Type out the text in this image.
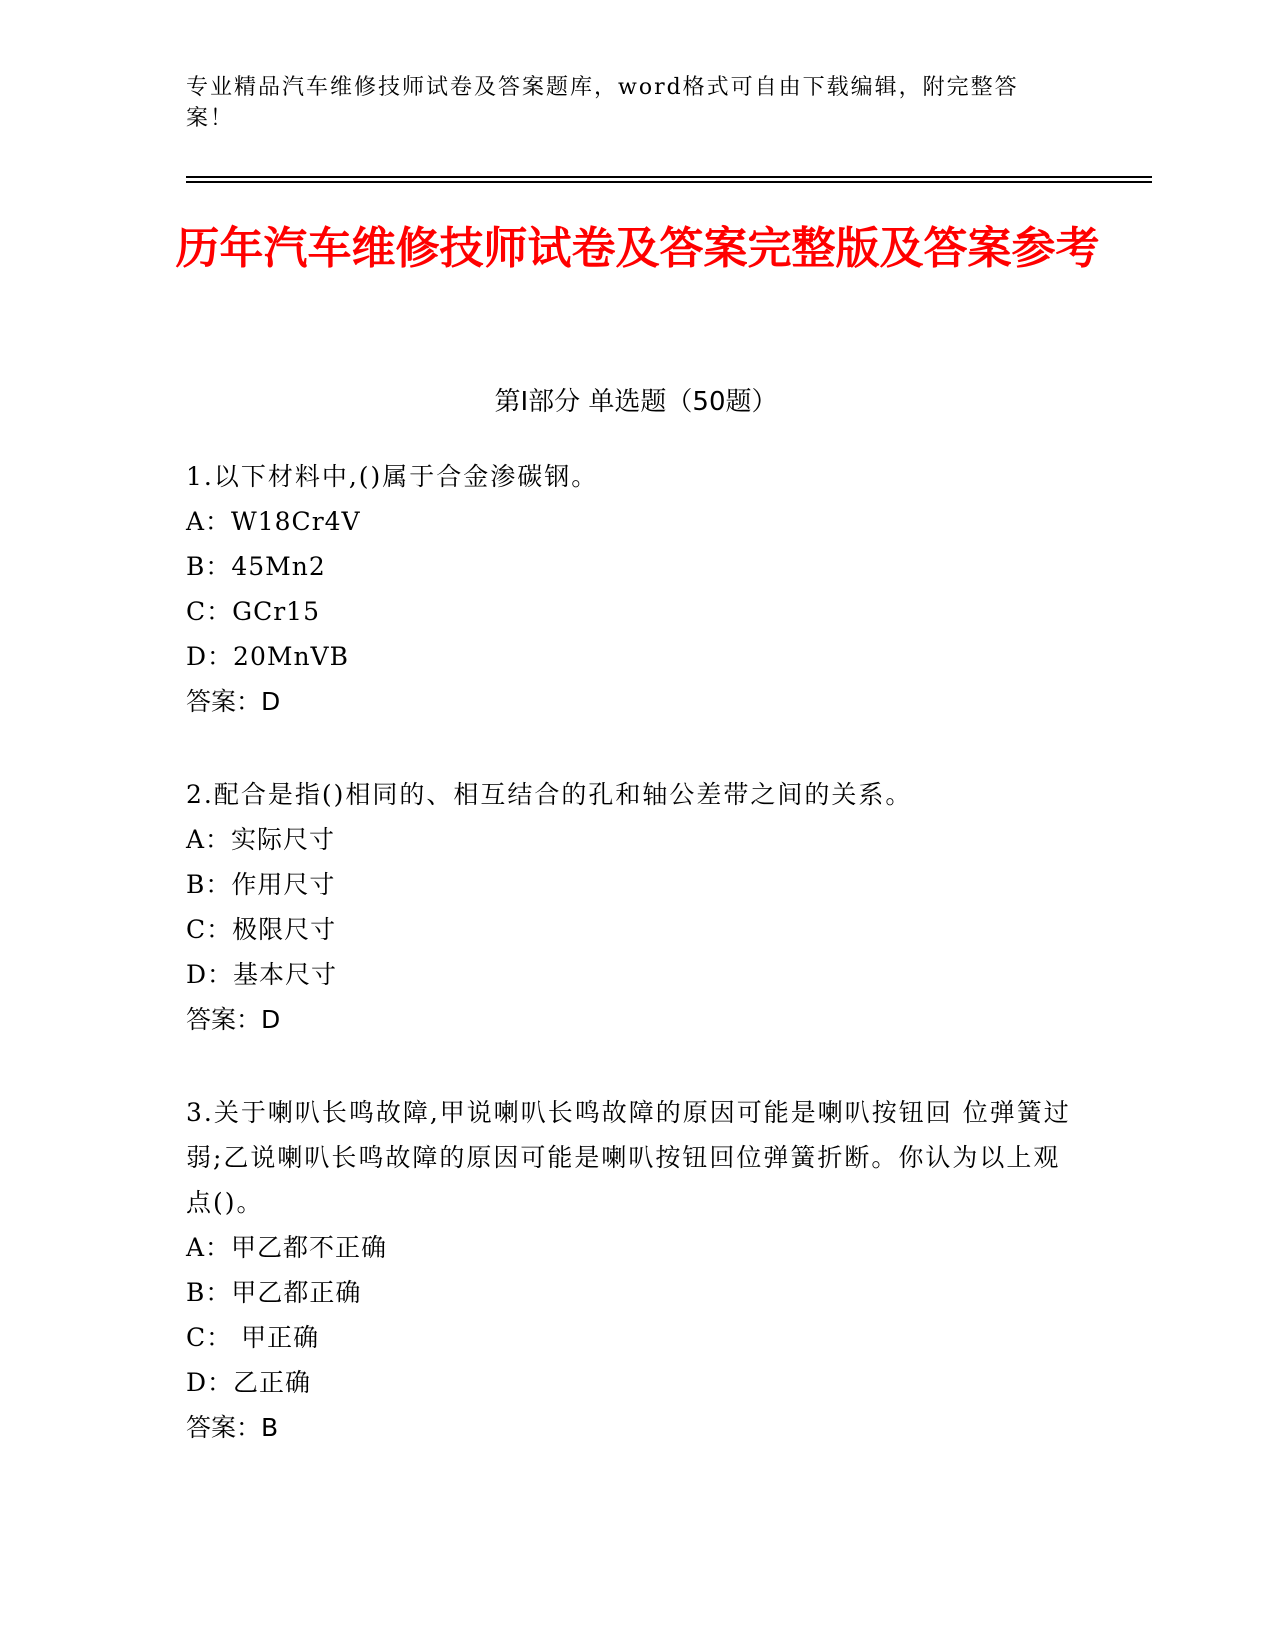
专业精品汽车维修技师试卷及答案题库，word格式可自由下载编辑，附完整答案！
历年汽车维修技师试卷及答案完整版及答案参考
第Ⅰ部分 单选题（50题）
1.以下材料中,()属于合金渗碳钢。
A：W18Cr4V
B：45Mn2
C：GCr15
D：20MnVB
答案：D
2.配合是指()相同的、相互结合的孔和轴公差带之间的关系。
A：实际尺寸
B：作用尺寸
C：极限尺寸
D：基本尺寸
答案：D
3.关于喇叭长鸣故障,甲说喇叭长鸣故障的原因可能是喇叭按钮回 位弹簧过弱;乙说喇叭长鸣故障的原因可能是喇叭按钮回位弹簧折断。你认为以上观点()。
A：甲乙都不正确
B：甲乙都正确
C： 甲正确
D：乙正确
答案：B
